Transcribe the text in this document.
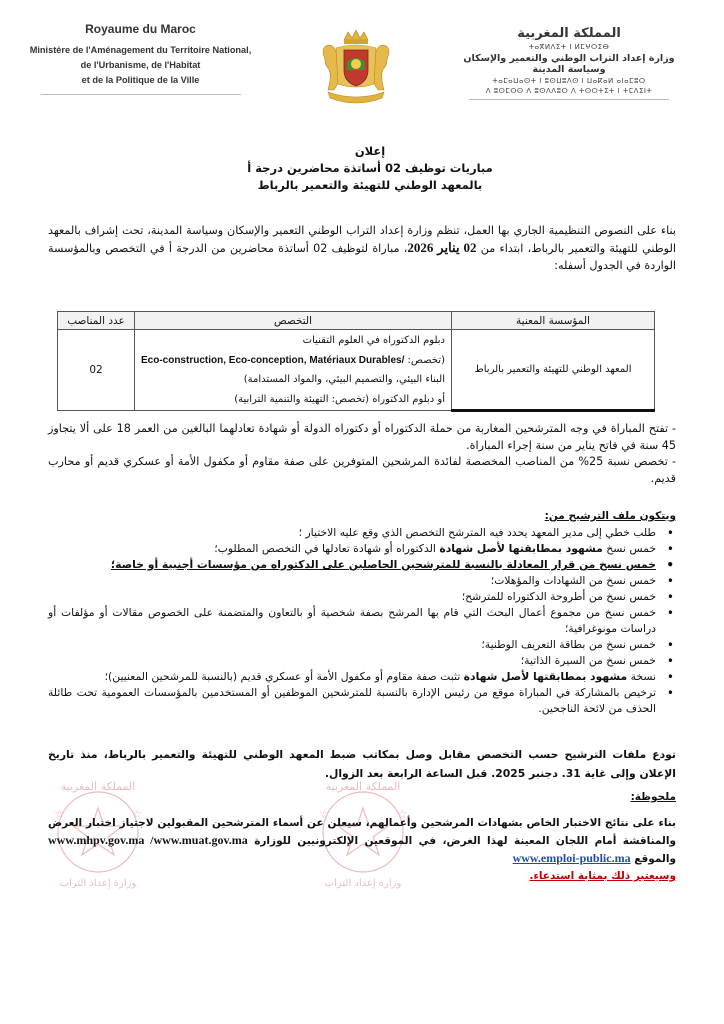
Royaume du Maroc
Ministère de l'Aménagement du Territoire National,
de l'Urbanisme, de l'Habitat
et de la Politique de la Ville
المملكة المغربية
ⵜⴰⴳⵍⴷⵉⵜ ⵏ ⵍⵎⵖⵔⵉⴱ
وزارة إعداد التراب الوطني والتعمير والإسكان وسياسة المدينة
ⵜⴰⵎⴰⵡⴰⵙⵜ ⵏ ⵓⵙⵡⵓⴷⵙ ⵏ ⵡⴰⴽⴰⵍ ⴰⵏⴰⵎⵓⵔ
ⴷ ⵓⵙⵎⵔⵙ ⴷ ⵓⵙⴷⴷⵓⵔ ⴷ ⵜⵙⵔⵜⵉⵜ ⵏ ⵜⵎⴷⵉⵏⵜ
إعلان
مباريات توظيف 02 أساتذة محاضرين درجة أ
بالمعهد الوطني للتهيئة والتعمير بالرباط
بناء على النصوص التنظيمية الجاري بها العمل، تنظم وزارة إعداد التراب الوطني التعمير والإسكان وسياسة المدينة، تحت إشراف بالمعهد الوطني للتهيئة والتعمير بالرباط، ابتداء من 02 يناير 2026، مباراة لتوظيف 02 أساتذة محاضرين من الدرجة أ في التخصص وبالمؤسسة الواردة في الجدول أسفله:
المؤسسة المعنية	التخصص	عدد المناصب
المعهد الوطني للتهيئة والتعمير بالرباط	دبلوم الدكتوراه في العلوم التقنيات
(تخصص: Eco-construction, Eco-conception, Matériaux Durables/
البناء البيئي، والتصميم البيئي، والمواد المستدامة)
أو دبلوم الدكتوراه (تخصص: التهيئة والتنمية الترابية)	02

- تفتح المباراة في وجه المترشحين المغاربة من حملة الدكتوراه أو دكتوراه الدولة أو شهادة تعادلهما البالغين من العمر 18 على ألا يتجاوز 45 سنة في فاتح يناير من سنة إجراء المباراة.

- تخصص نسبة 25% من المناصب المخصصة لفائدة المرشحين المتوفرين على صفة مقاوم أو مكفول الأمة أو عسكري قديم أو محارب قديم.

ويتكون ملف الترشيح من:
• طلب خطي إلى مدير المعهد يحدد فيه المترشح التخصص الذي وقع عليه الاختيار ؛
• خمس نسخ مشهود بمطابقتها لأصل شهادة الدكتوراه أو شهادة تعادلها في التخصص المطلوب؛
• خمس نسخ من قرار المعادلة بالنسبة للمترشحين الحاصلين على الدكتوراه من مؤسسات أجنبية أو خاصة؛
• خمس نسخ من الشهادات والمؤهلات؛
• خمس نسخ من أطروحة الدكتوراه للمترشح؛
• خمس نسخ من مجموع أعمال البحث التي قام بها المرشح بصفة شخصية أو بالتعاون والمتضمنة على الخصوص مقالات أو مؤلفات أو دراسات مونوغرافية؛
• خمس نسخ من بطاقة التعريف الوطنية؛
• خمس نسخ من السيرة الذاتية؛
• نسخة مشهود بمطابقتها لأصل شهادة تثبت صفة مقاوم أو مكفول الأمة أو عسكري قديم (بالنسبة للمرشحين المعنيين)؛
• ترخيص بالمشاركة في المباراة موقع من رئيس الإدارة بالنسبة للمترشحين الموظفين أو المستخدمين بالمؤسسات العمومية تحت طائلة الحذف من لائحة الناجحين.
المملكة المغربية
وزارة إعداد التراب
☆	☆
المملكة المغربية
وزارة إعداد التراب
☆	☆
تودع ملفات الترشيح حسب التخصص مقابل وصل بمكاتب ضبط المعهد الوطني للتهيئة والتعمير بالرباط، منذ تاريخ الإعلان وإلى غاية 31. دجنبر 2025. قبل الساعة الرابعة بعد الزوال.
ملحوظة:
بناء على نتائج الاختبار الخاص بشهادات المرشحين وأعمالهم، سيعلن عن أسماء المترشحين المقبولين لاجتياز اختبار العرض والمناقشة أمام اللجان المعينة لهذا الغرض، في الموقعين الإلكترونيين للوزارة www.mhpv.gov.ma /www.muat.gov.ma والموقع www.emploi-public.ma
وسيعتبر ذلك بمثابة استدعاء.
